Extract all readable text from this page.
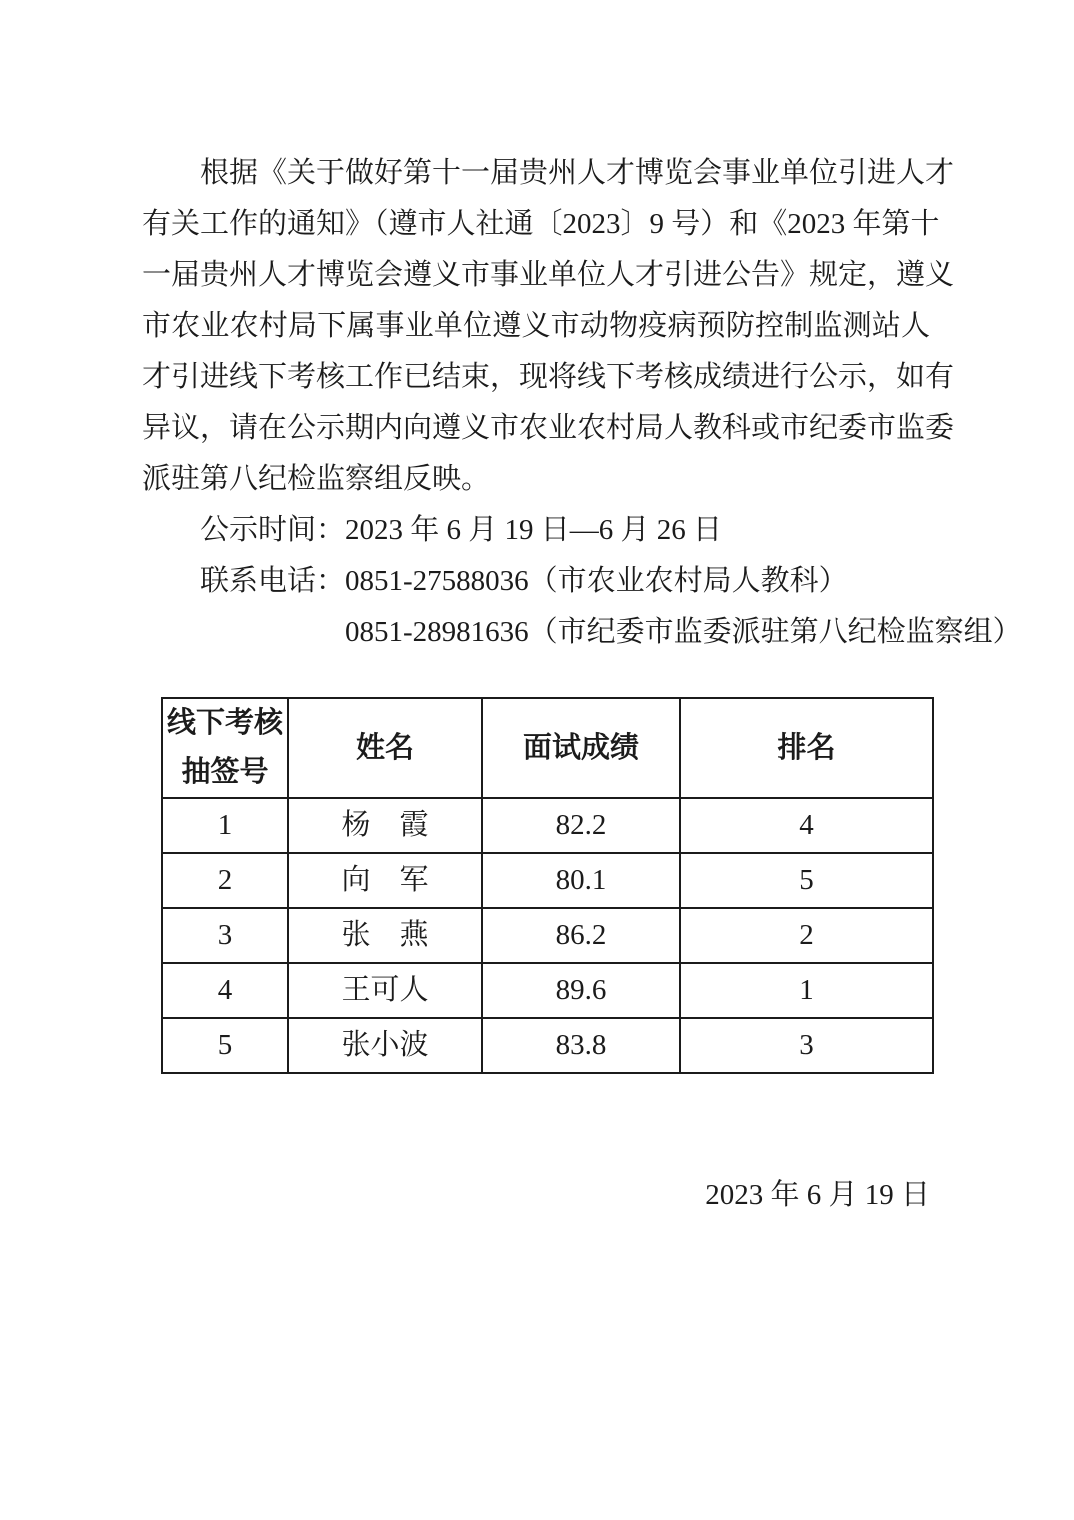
根据《关于做好第十一届贵州人才博览会事业单位引进人才
有关工作的通知》（遵市人社通〔2023〕9 号）和《2023 年第十
一届贵州人才博览会遵义市事业单位人才引进公告》规定，遵义
市农业农村局下属事业单位遵义市动物疫病预防控制监测站人
才引进线下考核工作已结束，现将线下考核成绩进行公示，如有
异议，请在公示期内向遵义市农业农村局人教科或市纪委市监委
派驻第八纪检监察组反映。
公示时间：2023 年 6 月 19 日—6 月 26 日
联系电话：0851-27588036（市农业农村局人教科）
0851-28981636（市纪委市监委派驻第八纪检监察组）
线下考核
抽签号	姓名	面试成绩	排名
1	杨　霞	82.2	4
2	向　军	80.1	5
3	张　燕	86.2	2
4	王可人	89.6	1
5	张小波	83.8	3
2023 年 6 月 19 日
